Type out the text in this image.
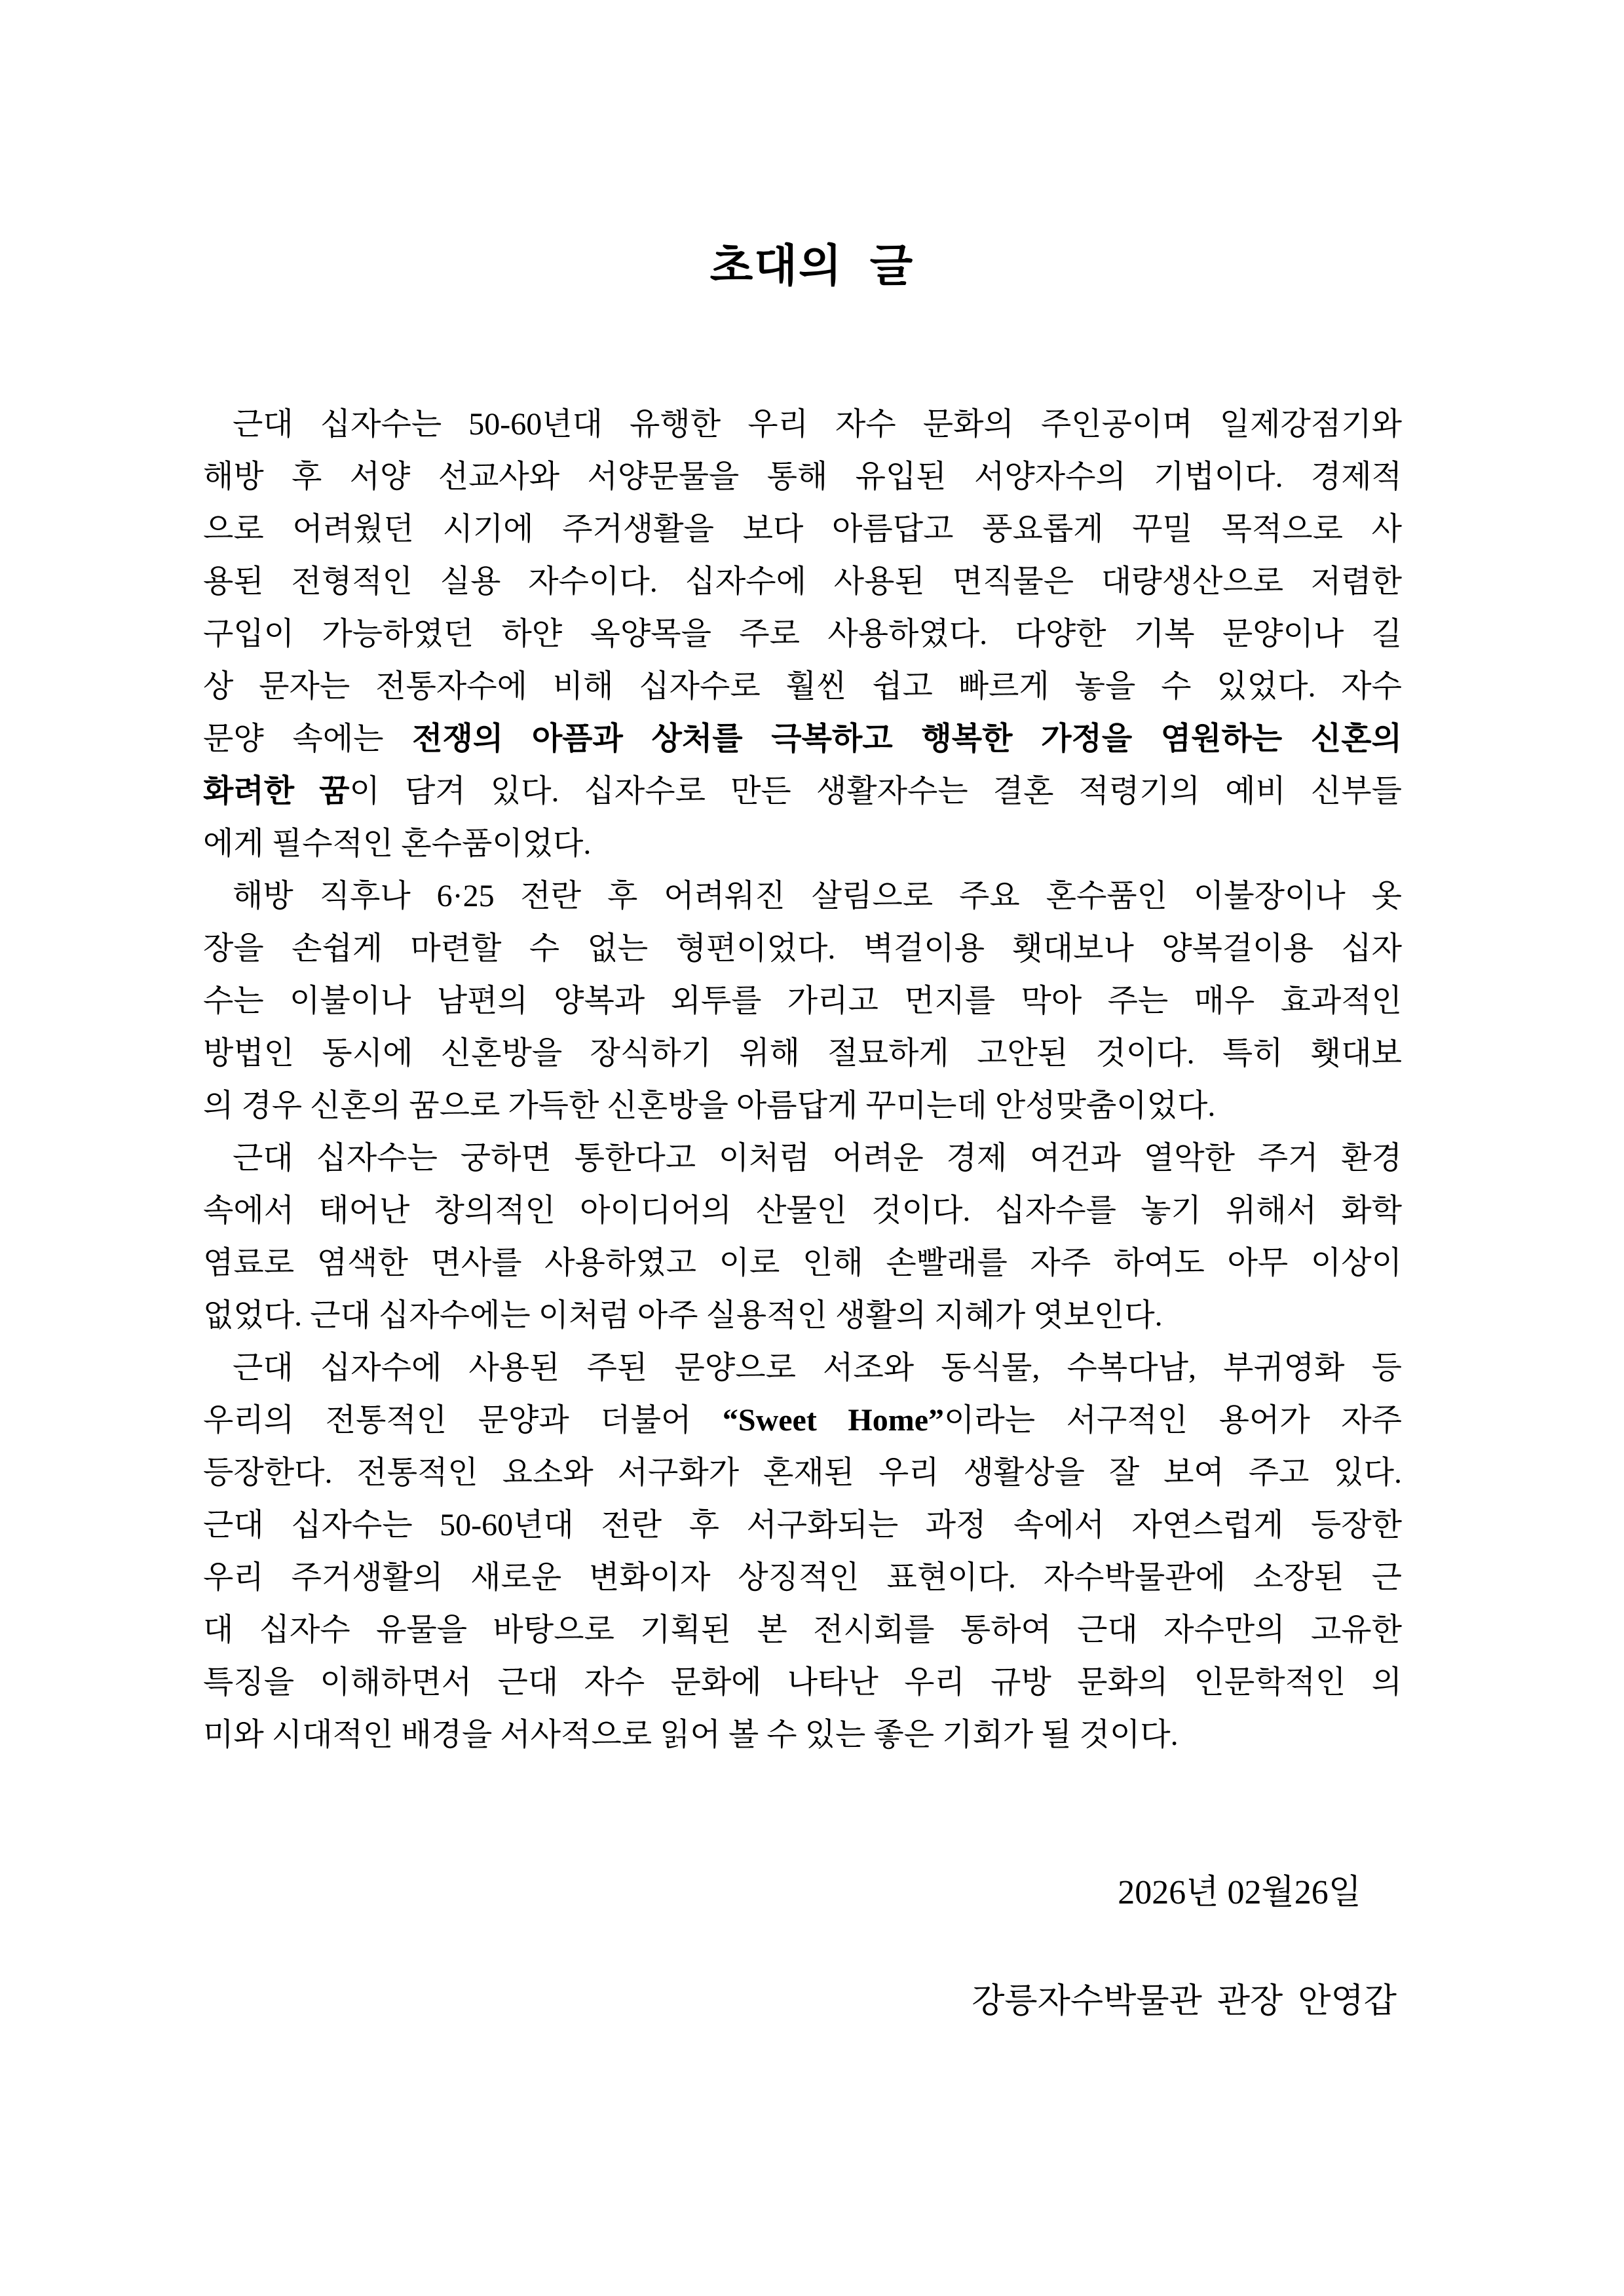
초대의 글
근대 십자수는 50-60년대 유행한 우리 자수 문화의 주인공이며 일제강점기와
해방 후 서양 선교사와 서양문물을 통해 유입된 서양자수의 기법이다. 경제적
으로 어려웠던 시기에 주거생활을 보다 아름답고 풍요롭게 꾸밀 목적으로 사
용된 전형적인 실용 자수이다. 십자수에 사용된 면직물은 대량생산으로 저렴한
구입이 가능하였던 하얀 옥양목을 주로 사용하였다. 다양한 기복 문양이나 길
상 문자는 전통자수에 비해 십자수로 훨씬 쉽고 빠르게 놓을 수 있었다. 자수
문양 속에는 전쟁의 아픔과 상처를 극복하고 행복한 가정을 염원하는 신혼의
화려한 꿈이 담겨 있다. 십자수로 만든 생활자수는 결혼 적령기의 예비 신부들
에게 필수적인 혼수품이었다.
해방 직후나 6·25 전란 후 어려워진 살림으로 주요 혼수품인 이불장이나 옷
장을 손쉽게 마련할 수 없는 형편이었다. 벽걸이용 횃대보나 양복걸이용 십자
수는 이불이나 남편의 양복과 외투를 가리고 먼지를 막아 주는 매우 효과적인
방법인 동시에 신혼방을 장식하기 위해 절묘하게 고안된 것이다. 특히 횃대보
의 경우 신혼의 꿈으로 가득한 신혼방을 아름답게 꾸미는데 안성맞춤이었다.
근대 십자수는 궁하면 통한다고 이처럼 어려운 경제 여건과 열악한 주거 환경
속에서 태어난 창의적인 아이디어의 산물인 것이다. 십자수를 놓기 위해서 화학
염료로 염색한 면사를 사용하였고 이로 인해 손빨래를 자주 하여도 아무 이상이
없었다. 근대 십자수에는 이처럼 아주 실용적인 생활의 지혜가 엿보인다.
근대 십자수에 사용된 주된 문양으로 서조와 동식물, 수복다남, 부귀영화 등
우리의 전통적인 문양과 더불어 “Sweet Home”이라는 서구적인 용어가 자주
등장한다. 전통적인 요소와 서구화가 혼재된 우리 생활상을 잘 보여 주고 있다.
근대 십자수는 50-60년대 전란 후 서구화되는 과정 속에서 자연스럽게 등장한
우리 주거생활의 새로운 변화이자 상징적인 표현이다. 자수박물관에 소장된 근
대 십자수 유물을 바탕으로 기획된 본 전시회를 통하여 근대 자수만의 고유한
특징을 이해하면서 근대 자수 문화에 나타난 우리 규방 문화의 인문학적인 의
미와 시대적인 배경을 서사적으로 읽어 볼 수 있는 좋은 기회가 될 것이다.
2026년 02월26일
강릉자수박물관 관장 안영갑
